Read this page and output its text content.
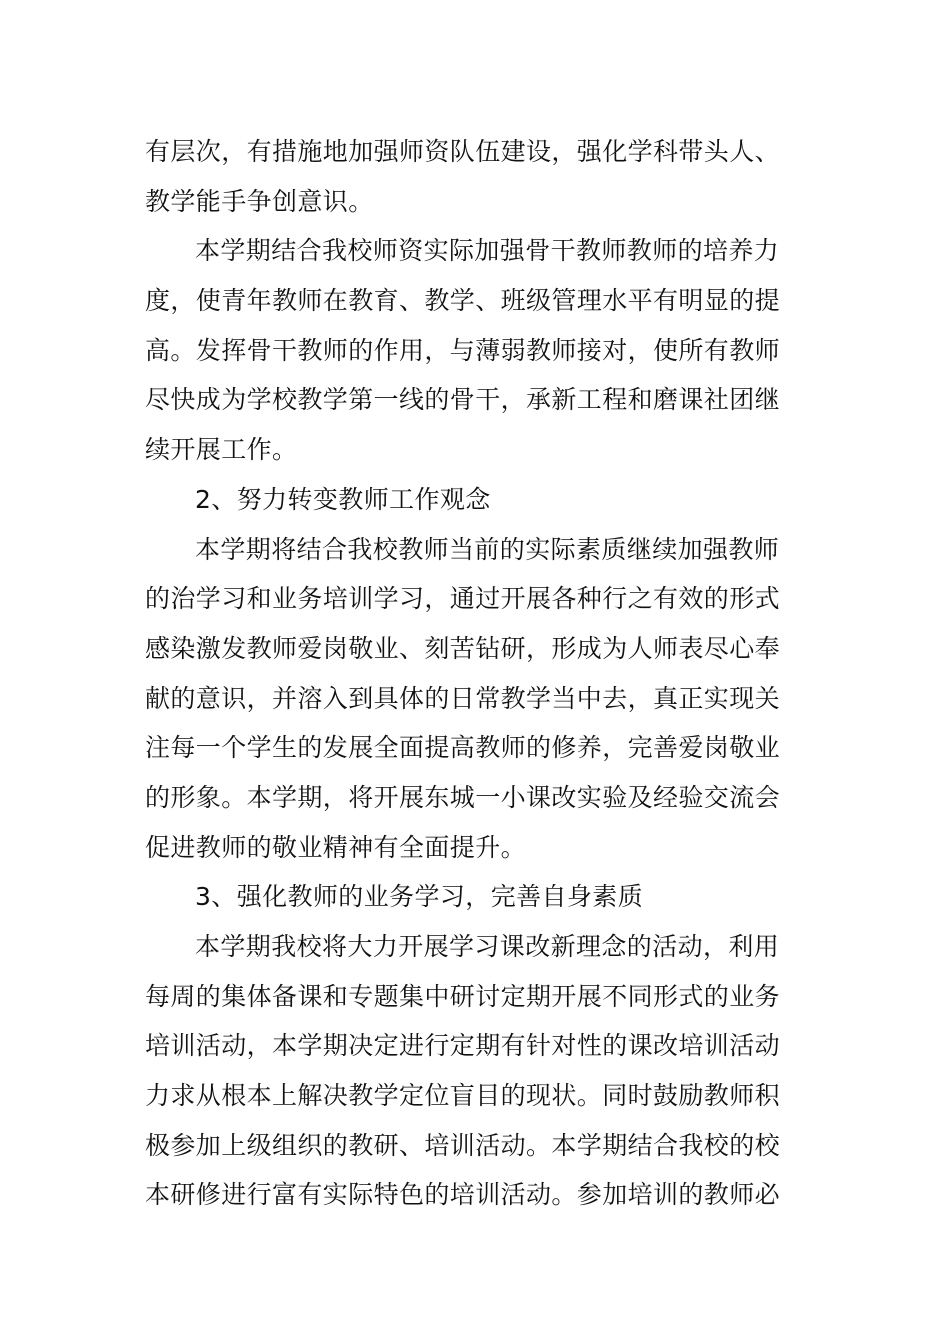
有层次，有措施地加强师资队伍建设，强化学科带头人、
教学能手争创意识。
本学期结合我校师资实际加强骨干教师教师的培养力
度，使青年教师在教育、教学、班级管理水平有明显的提
高。发挥骨干教师的作用，与薄弱教师接对，使所有教师
尽快成为学校教学第一线的骨干，承新工程和磨课社团继
续开展工作。
2、努力转变教师工作观念
本学期将结合我校教师当前的实际素质继续加强教师
的治学习和业务培训学习，通过开展各种行之有效的形式
感染激发教师爱岗敬业、刻苦钻研，形成为人师表尽心奉
献的意识，并溶入到具体的日常教学当中去，真正实现关
注每一个学生的发展全面提高教师的修养，完善爱岗敬业
的形象。本学期，将开展东城一小课改实验及经验交流会
促进教师的敬业精神有全面提升。
3、强化教师的业务学习，完善自身素质
本学期我校将大力开展学习课改新理念的活动，利用
每周的集体备课和专题集中研讨定期开展不同形式的业务
培训活动，本学期决定进行定期有针对性的课改培训活动
力求从根本上解决教学定位盲目的现状。同时鼓励教师积
极参加上级组织的教研、培训活动。本学期结合我校的校
本研修进行富有实际特色的培训活动。参加培训的教师必
